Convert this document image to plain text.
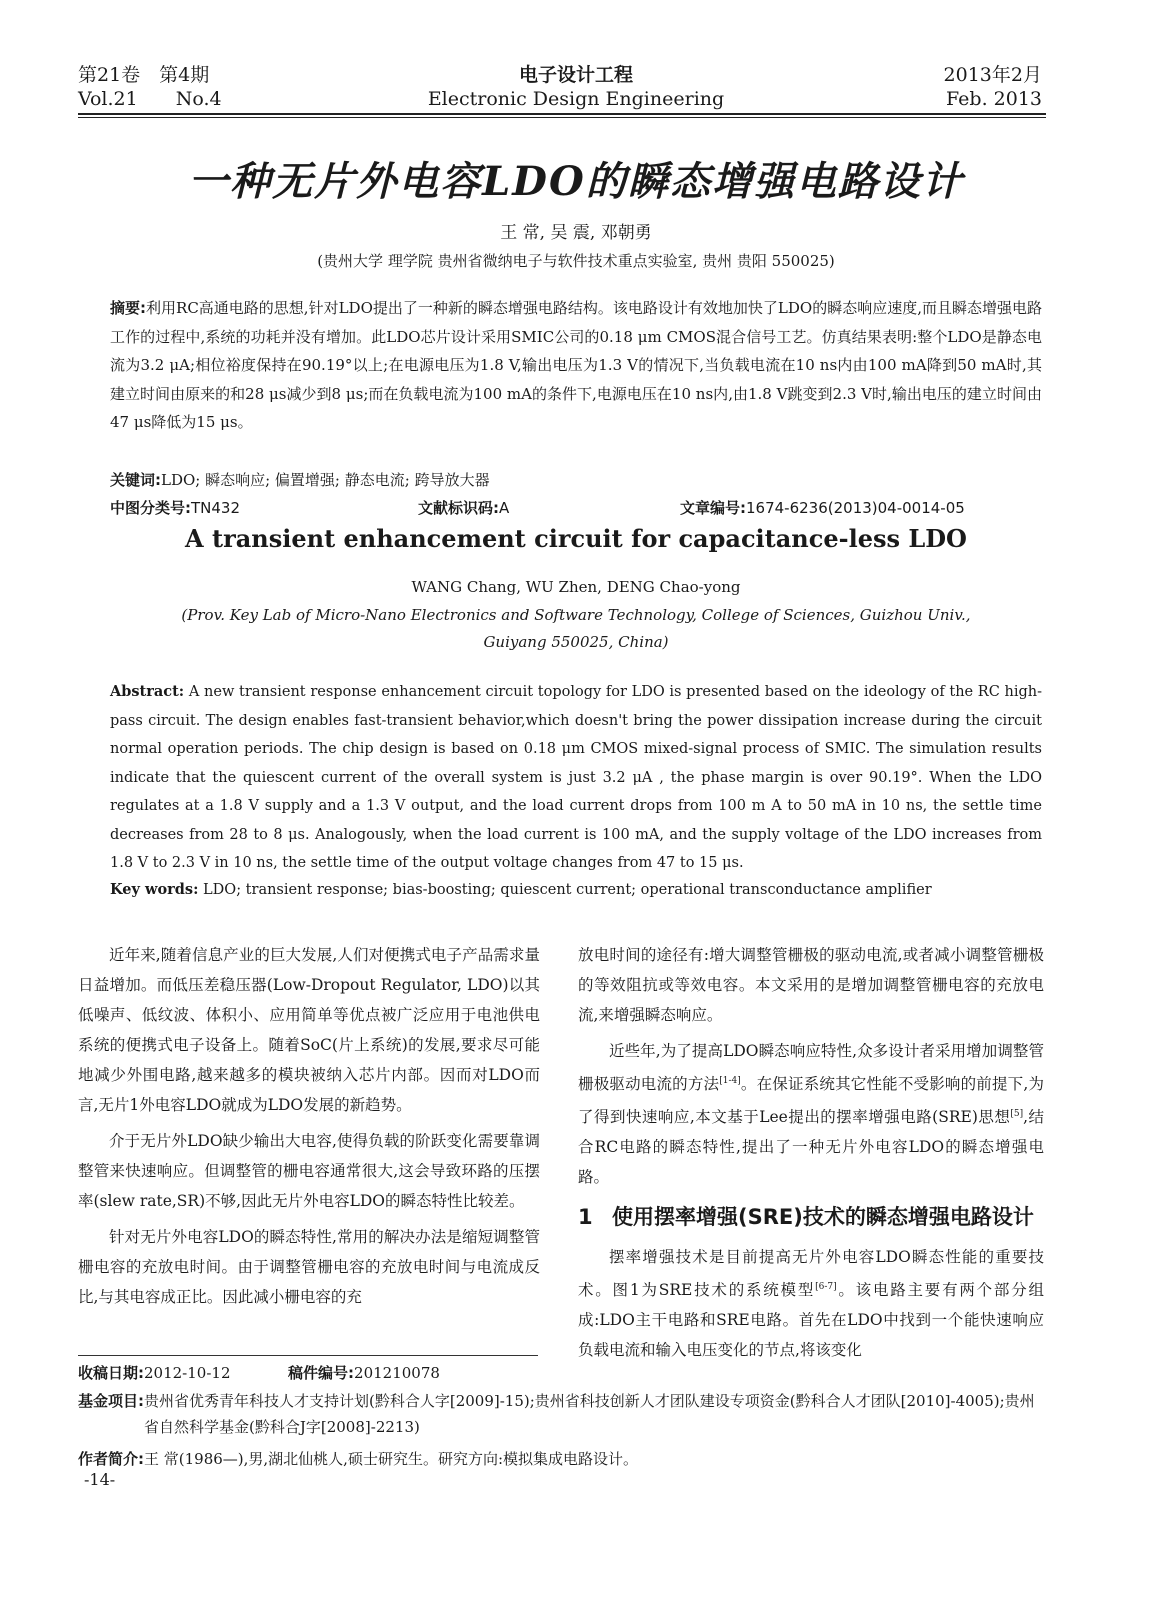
第21卷　第4期
Vol.21　　No.4
电子设计工程
Electronic Design Engineering
2013年2月
Feb. 2013
一种无片外电容LDO的瞬态增强电路设计
王 常, 吴 震, 邓朝勇
(贵州大学 理学院 贵州省微纳电子与软件技术重点实验室, 贵州 贵阳 550025)
摘要:利用RC高通电路的思想,针对LDO提出了一种新的瞬态增强电路结构。该电路设计有效地加快了LDO的瞬态响应速度,而且瞬态增强电路工作的过程中,系统的功耗并没有增加。此LDO芯片设计采用SMIC公司的0.18 μm CMOS混合信号工艺。仿真结果表明:整个LDO是静态电流为3.2 μA;相位裕度保持在90.19°以上;在电源电压为1.8 V,输出电压为1.3 V的情况下,当负载电流在10 ns内由100 mA降到50 mA时,其建立时间由原来的和28 μs减少到8 μs;而在负载电流为100 mA的条件下,电源电压在10 ns内,由1.8 V跳变到2.3 V时,输出电压的建立时间由47 μs降低为15 μs。
关键词:LDO; 瞬态响应; 偏置增强; 静态电流; 跨导放大器
中图分类号:TN432	文献标识码:A	文章编号:1674-6236(2013)04-0014-05
A transient enhancement circuit for capacitance-less LDO
WANG Chang, WU Zhen, DENG Chao-yong
(Prov. Key Lab of Micro-Nano Electronics and Software Technology, College of Sciences, Guizhou Univ.,
Guiyang 550025, China)
Abstract: A new transient response enhancement circuit topology for LDO is presented based on the ideology of the RC high-pass circuit. The design enables fast-transient behavior,which doesn't bring the power dissipation increase during the circuit normal operation periods. The chip design is based on 0.18 μm CMOS mixed-signal process of SMIC. The simulation results indicate that the quiescent current of the overall system is just 3.2 μA , the phase margin is over 90.19°. When the LDO regulates at a 1.8 V supply and a 1.3 V output, and the load current drops from 100 m A to 50 mA in 10 ns, the settle time decreases from 28 to 8 μs. Analogously, when the load current is 100 mA, and the supply voltage of the LDO increases from 1.8 V to 2.3 V in 10 ns, the settle time of the output voltage changes from 47 to 15 μs.
Key words: LDO; transient response; bias-boosting; quiescent current; operational transconductance amplifier

近年来,随着信息产业的巨大发展,人们对便携式电子产品需求量日益增加。而低压差稳压器(Low-Dropout Regulator, LDO)以其低噪声、低纹波、体积小、应用简单等优点被广泛应用于电池供电系统的便携式电子设备上。随着SoC(片上系统)的发展,要求尽可能地减少外围电路,越来越多的模块被纳入芯片内部。因而对LDO而言,无片1外电容LDO就成为LDO发展的新趋势。

介于无片外LDO缺少输出大电容,使得负载的阶跃变化需要靠调整管来快速响应。但调整管的栅电容通常很大,这会导致环路的压摆率(slew rate,SR)不够,因此无片外电容LDO的瞬态特性比较差。

针对无片外电容LDO的瞬态特性,常用的解决办法是缩短调整管栅电容的充放电时间。由于调整管栅电容的充放电时间与电流成反比,与其电容成正比。因此减小栅电容的充

放电时间的途径有:增大调整管栅极的驱动电流,或者减小调整管栅极的等效阻抗或等效电容。本文采用的是增加调整管栅电容的充放电流,来增强瞬态响应。

近些年,为了提高LDO瞬态响应特性,众多设计者采用增加调整管栅极驱动电流的方法[1-4]。在保证系统其它性能不受影响的前提下,为了得到快速响应,本文基于Lee提出的摆率增强电路(SRE)思想[5],结合RC电路的瞬态特性,提出了一种无片外电容LDO的瞬态增强电路。

1 使用摆率增强(SRE)技术的瞬态增强电路设计

摆率增强技术是目前提高无片外电容LDO瞬态性能的重要技术。图1为SRE技术的系统模型[6-7]。该电路主要有两个部分组成:LDO主干电路和SRE电路。首先在LDO中找到一个能快速响应负载电流和输入电压变化的节点,将该变化

收稿日期:2012-10-12	稿件编号:201210078
基金项目: 贵州省优秀青年科技人才支持计划(黔科合人字[2009]-15);贵州省科技创新人才团队建设专项资金(黔科合人才团队[2010]-4005);贵州省自然科学基金(黔科合J字[2008]-2213)
作者简介:王 常(1986—),男,湖北仙桃人,硕士研究生。研究方向:模拟集成电路设计。
-14-
